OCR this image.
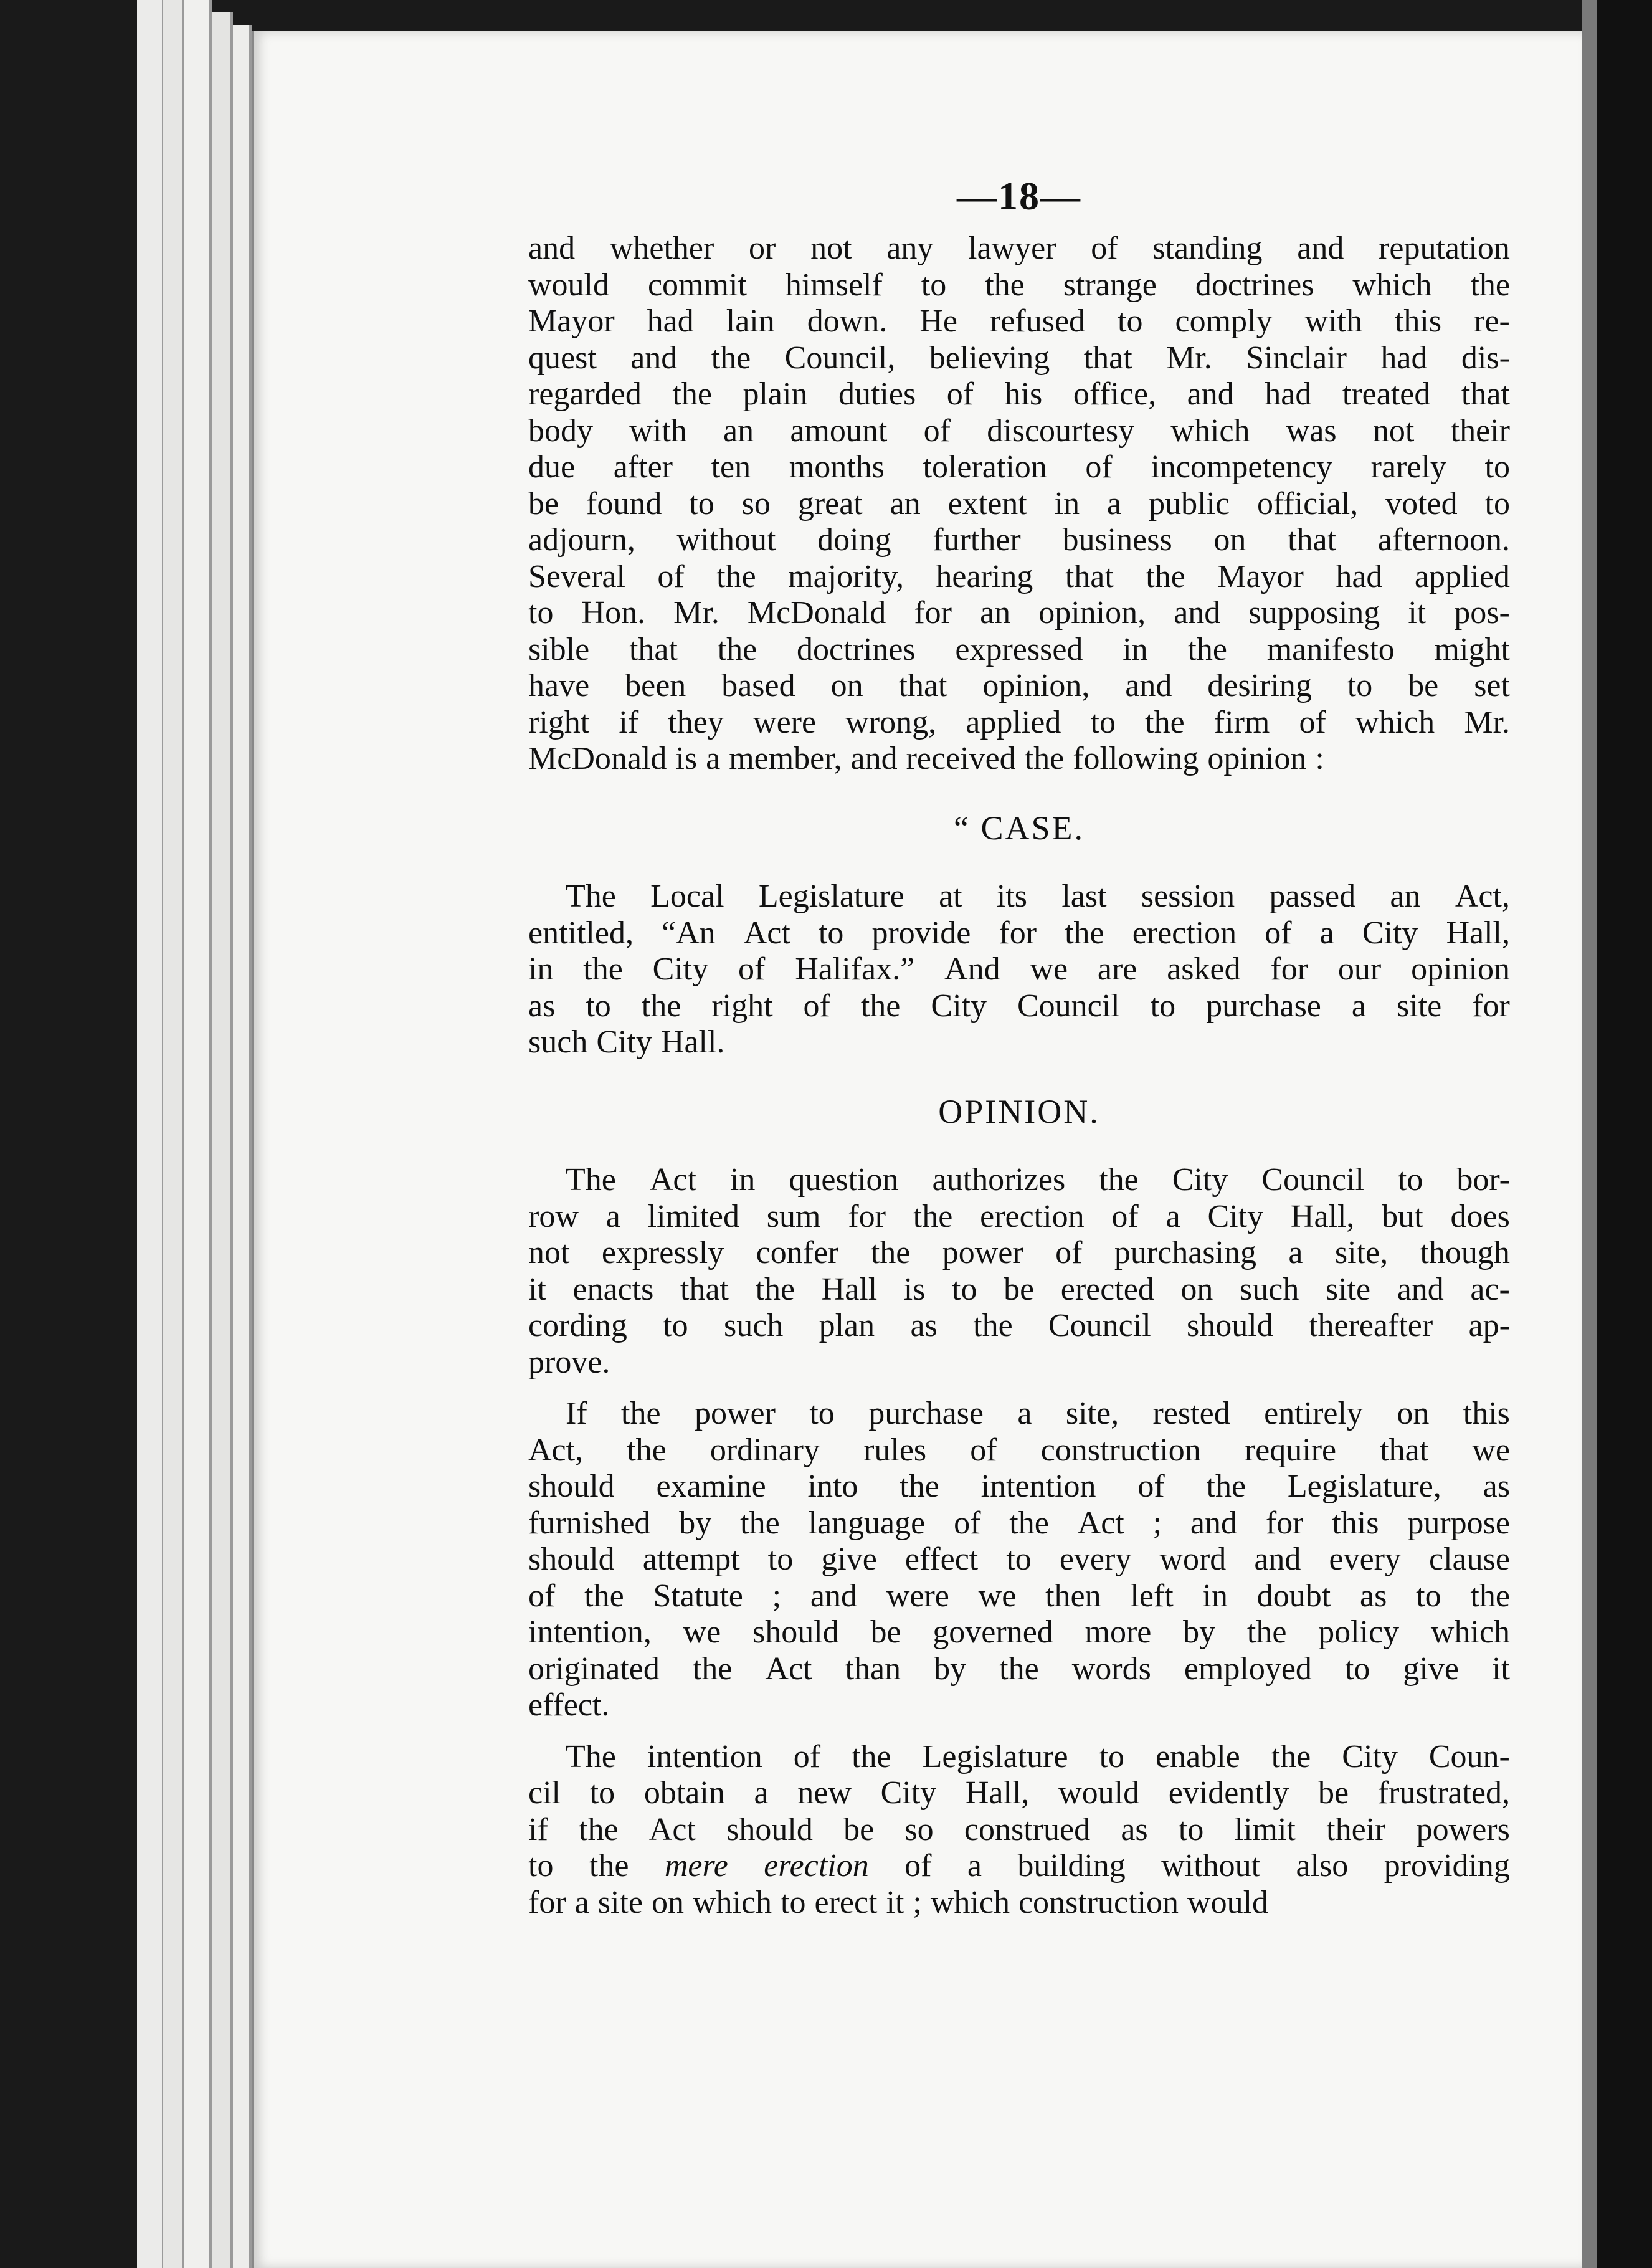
—18—
and whether or not any lawyer of standing and reputation
would commit himself to the strange doctrines which the
Mayor had lain down. He refused to comply with this re-
quest and the Council, believing that Mr. Sinclair had dis-
regarded the plain duties of his office, and had treated that
body with an amount of discourtesy which was not their
due after ten months toleration of incompetency rarely to
be found to so great an extent in a public official, voted to
adjourn, without doing further business on that afternoon.
Several of the majority, hearing that the Mayor had applied
to Hon. Mr. McDonald for an opinion, and supposing it pos-
sible that the doctrines expressed in the manifesto might
have been based on that opinion, and desiring to be set
right if they were wrong, applied to the firm of which Mr.
McDonald is a member, and received the following opinion :
“ CASE.
The Local Legislature at its last session passed an Act,
entitled, “An Act to provide for the erection of a City Hall,
in the City of Halifax.” And we are asked for our opinion
as to the right of the City Council to purchase a site for
such City Hall.
OPINION.
The Act in question authorizes the City Council to bor-
row a limited sum for the erection of a City Hall, but does
not expressly confer the power of purchasing a site, though
it enacts that the Hall is to be erected on such site and ac-
cording to such plan as the Council should thereafter ap-
prove.
If the power to purchase a site, rested entirely on this
Act, the ordinary rules of construction require that we
should examine into the intention of the Legislature, as
furnished by the language of the Act ; and for this purpose
should attempt to give effect to every word and every clause
of the Statute ; and were we then left in doubt as to the
intention, we should be governed more by the policy which
originated the Act than by the words employed to give it
effect.
The intention of the Legislature to enable the City Coun-
cil to obtain a new City Hall, would evidently be frustrated,
if the Act should be so construed as to limit their powers
to the mere erection of a building without also providing
for a site on which to erect it ; which construction would
